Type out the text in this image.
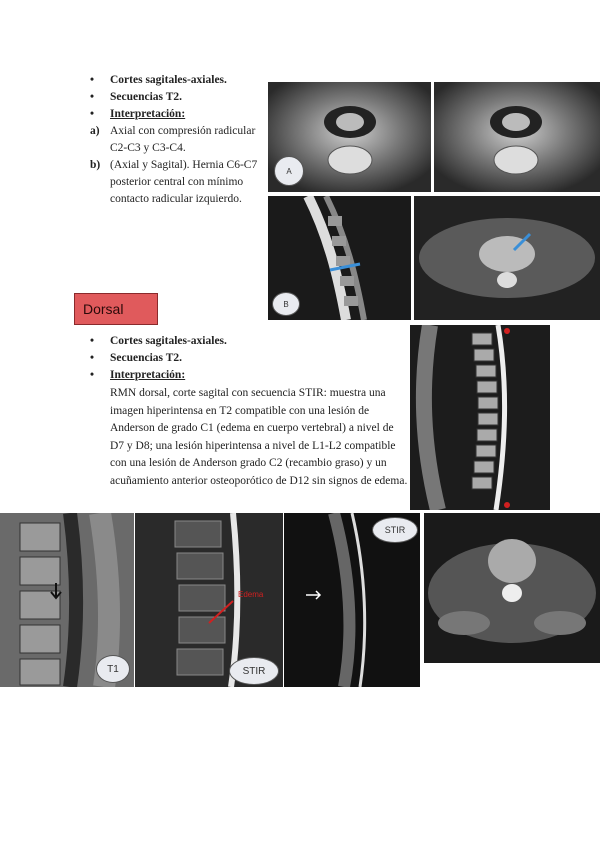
•	Cortes sagitales-axiales.
•	Secuencias T2.
•	Interpretación:
a) Axial con compresión radicular C2-C3 y C3-C4.
b) (Axial y Sagital). Hernia C6-C7 posterior central con mínimo contacto radicular izquierdo.
A
B
Dorsal
•	Cortes sagitales-axiales.
•	Secuencias T2.
•	Interpretación:
RMN dorsal, corte sagital con secuencia STIR: muestra una imagen hiperintensa en T2 compatible con una lesión de Anderson de grado C1 (edema en cuerpo vertebral) a nivel de D7 y D8; una lesión hiperintensa a nivel de L1-L2 compatible con una lesión de Anderson grado C2 (recambio graso) y un acuñamiento anterior osteoporótico de D12 sin signos de edema.
T1
Edema
STIR
STIR
